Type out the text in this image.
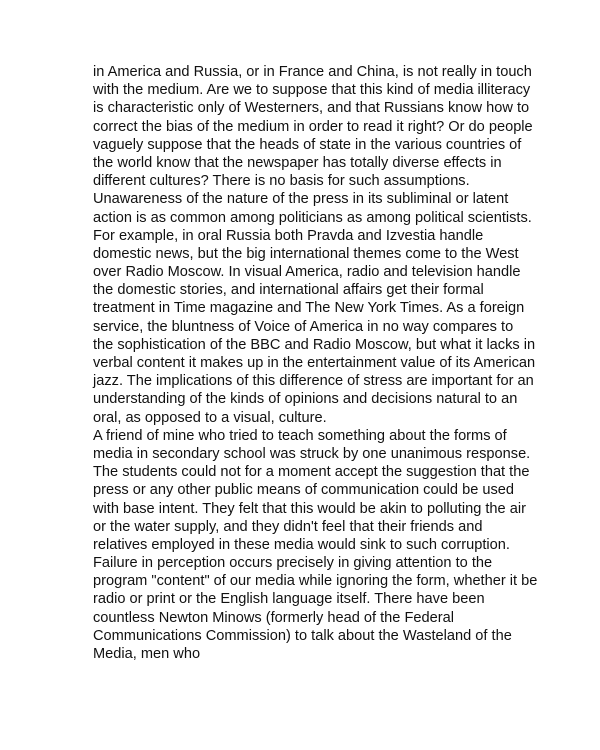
in America and Russia, or in France and China, is not really in touch
with the medium. Are we to suppose that this kind of media illiteracy
is characteristic only of Westerners, and that Russians know how to
correct the bias of the medium in order to read it right? Or do people
vaguely suppose that the heads of state in the various countries of
the world know that the newspaper has totally diverse effects in
different cultures? There is no basis for such assumptions.
Unawareness of the nature of the press in its subliminal or latent
action is as common among politicians as among political scientists.
For example, in oral Russia both Pravda and Izvestia handle
domestic news, but the big international themes come to the West
over Radio Moscow. In visual America, radio and television handle
the domestic stories, and international affairs get their formal
treatment in Time magazine and The New York Times. As a foreign
service, the bluntness of Voice of America in no way compares to
the sophistication of the BBC and Radio Moscow, but what it lacks in
verbal content it makes up in the entertainment value of its American
jazz. The implications of this difference of stress are important for an
understanding of the kinds of opinions and decisions natural to an
oral, as opposed to a visual, culture.
A friend of mine who tried to teach something about the forms of
media in secondary school was struck by one unanimous response.
The students could not for a moment accept the suggestion that the
press or any other public means of communication could be used
with base intent. They felt that this would be akin to polluting the air
or the water supply, and they didn't feel that their friends and
relatives employed in these media would sink to such corruption.
Failure in perception occurs precisely in giving attention to the
program "content" of our media while ignoring the form, whether it be
radio or print or the English language itself. There have been
countless Newton Minows (formerly head of the Federal
Communications Commission) to talk about the Wasteland of the
Media, men who
